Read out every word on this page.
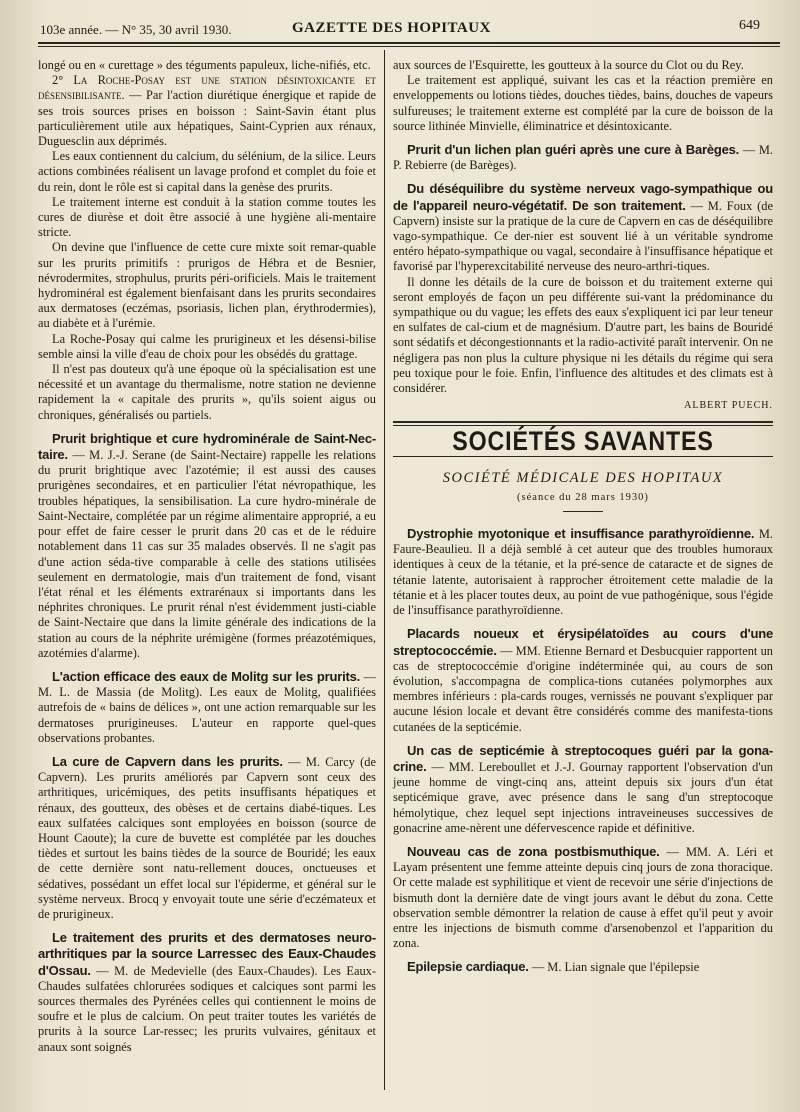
103e année. — N° 35, 30 avril 1930.	GAZETTE DES HOPITAUX	649

longé ou en « curettage » des téguments papuleux, liche-nifiés, etc.

2° La Roche-Posay est une station désintoxicante et désensibilisante. — Par l'action diurétique énergique et rapide de ses trois sources prises en boisson : Saint-Savin étant plus particulièrement utile aux hépatiques, Saint-Cyprien aux rénaux, Duguesclin aux déprimés.

Les eaux contiennent du calcium, du sélénium, de la silice. Leurs actions combinées réalisent un lavage profond et complet du foie et du rein, dont le rôle est si capital dans la genèse des prurits.

Le traitement interne est conduit à la station comme toutes les cures de diurèse et doit être associé à une hygiène ali-mentaire stricte.

On devine que l'influence de cette cure mixte soit remar-quable sur les prurits primitifs : prurigos de Hébra et de Besnier, névrodermites, strophulus, prurits péri-orificiels. Mais le traitement hydrominéral est également bienfaisant dans les prurits secondaires aux dermatoses (eczémas, psoriasis, lichen plan, érythrodermies), au diabète et à l'urémie.

La Roche-Posay qui calme les prurigineux et les désensi-bilise semble ainsi la ville d'eau de choix pour les obsédés du grattage.

Il n'est pas douteux qu'à une époque où la spécialisation est une nécessité et un avantage du thermalisme, notre station ne devienne rapidement la « capitale des prurits », qu'ils soient aigus ou chroniques, généralisés ou partiels.

Prurit brightique et cure hydrominérale de Saint-Nec-taire. — M. J.-J. Serane (de Saint-Nectaire) rappelle les relations du prurit brightique avec l'azotémie; il est aussi des causes prurigènes secondaires, et en particulier l'état névropathique, les troubles hépatiques, la sensibilisation. La cure hydro-minérale de Saint-Nectaire, complétée par un régime alimentaire approprié, a eu pour effet de faire cesser le prurit dans 20 cas et de le réduire notablement dans 11 cas sur 35 malades observés. Il ne s'agit pas d'une action séda-tive comparable à celle des stations utilisées seulement en dermatologie, mais d'un traitement de fond, visant l'état rénal et les éléments extrarénaux si importants dans les néphrites chroniques. Le prurit rénal n'est évidemment justi-ciable de Saint-Nectaire que dans la limite générale des indications de la station au cours de la néphrite urémigène (formes préazotémiques, azotémies d'alarme).

L'action efficace des eaux de Molitg sur les prurits. — M. L. de Massia (de Molitg). Les eaux de Molitg, qualifiées autrefois de « bains de délices », ont une action remarquable sur les dermatoses prurigineuses. L'auteur en rapporte quel-ques observations probantes.

La cure de Capvern dans les prurits. — M. Carcy (de Capvern). Les prurits améliorés par Capvern sont ceux des arthritiques, uricémiques, des petits insuffisants hépatiques et rénaux, des goutteux, des obèses et de certains diabé-tiques. Les eaux sulfatées calciques sont employées en boisson (source de Hount Caoute); la cure de buvette est complétée par les douches tièdes et surtout les bains tièdes de la source de Bouridé; les eaux de cette dernière sont natu-rellement douces, onctueuses et sédatives, possédant un effet local sur l'épiderme, et général sur le système nerveux. Brocq y envoyait toute une série d'eczémateux et de prurigineux.

Le traitement des prurits et des dermatoses neuro-arthritiques par la source Larressec des Eaux-Chaudes d'Ossau. — M. de Medevielle (des Eaux-Chaudes). Les Eaux-Chaudes sulfatées chlorurées sodiques et calciques sont parmi les sources thermales des Pyrénées celles qui contiennent le moins de soufre et le plus de calcium. On peut traiter toutes les variétés de prurits à la source Lar-ressec; les prurits vulvaires, génitaux et anaux sont soignés

aux sources de l'Esquirette, les goutteux à la source du Clot ou du Rey.

Le traitement est appliqué, suivant les cas et la réaction première en enveloppements ou lotions tièdes, douches tièdes, bains, douches de vapeurs sulfureuses; le traitement externe est complété par la cure de boisson de la source lithinée Minvielle, éliminatrice et désintoxicante.

Prurit d'un lichen plan guéri après une cure à Barèges. — M. P. Rebierre (de Barèges).

Du déséquilibre du système nerveux vago-sympathique ou de l'appareil neuro-végétatif. De son traitement. — M. Foux (de Capvern) insiste sur la pratique de la cure de Capvern en cas de déséquilibre vago-sympathique. Ce der-nier est souvent lié à un véritable syndrome entéro hépato-sympathique ou vagal, secondaire à l'insuffisance hépatique et favorisé par l'hyperexcitabilité nerveuse des neuro-arthri-tiques.

Il donne les détails de la cure de boisson et du traitement externe qui seront employés de façon un peu différente sui-vant la prédominance du sympathique ou du vague; les effets des eaux s'expliquent ici par leur teneur en sulfates de cal-cium et de magnésium. D'autre part, les bains de Bouridé sont sédatifs et décongestionnants et la radio-activité paraît intervenir. On ne négligera pas non plus la culture physique ni les détails du régime qui sera peu toxique pour le foie. Enfin, l'influence des altitudes et des climats est à considérer.

ALBERT PUECH.
SOCIÉTÉS SAVANTES
SOCIÉTÉ MÉDICALE DES HOPITAUX
(séance du 28 mars 1930)

Dystrophie myotonique et insuffisance parathyroïdienne. M. Faure-Beaulieu. Il a déjà semblé à cet auteur que des troubles humoraux identiques à ceux de la tétanie, et la pré-sence de cataracte et de signes de tétanie latente, autorisaient à rapprocher étroitement cette maladie de la tétanie et à les placer toutes deux, au point de vue pathogénique, sous l'égide de l'insuffisance parathyroïdienne.

Placards noueux et érysipélatoïdes au cours d'une streptococcémie. — MM. Etienne Bernard et Desbucquier rapportent un cas de streptococcémie d'origine indéterminée qui, au cours de son évolution, s'accompagna de complica-tions cutanées polymorphes aux membres inférieurs : pla-cards rouges, vernissés ne pouvant s'expliquer par aucune lésion locale et devant être considérés comme des manifesta-tions cutanées de la septicémie.

Un cas de septicémie à streptocoques guéri par la gona-crine. — MM. Lereboullet et J.-J. Gournay rapportent l'observation d'un jeune homme de vingt-cinq ans, atteint depuis six jours d'un état septicémique grave, avec présence dans le sang d'un streptocoque hémolytique, chez lequel sept injections intraveineuses successives de gonacrine ame-nèrent une défervescence rapide et définitive.

Nouveau cas de zona postbismuthique. — MM. A. Léri et Layam présentent une femme atteinte depuis cinq jours de zona thoracique. Or cette malade est syphilitique et vient de recevoir une série d'injections de bismuth dont la dernière date de vingt jours avant le début du zona. Cette observation semble démontrer la relation de cause à effet qu'il peut y avoir entre les injections de bismuth comme d'arsenobenzol et l'apparition du zona.

Epilepsie cardiaque. — M. Lian signale que l'épilepsie
